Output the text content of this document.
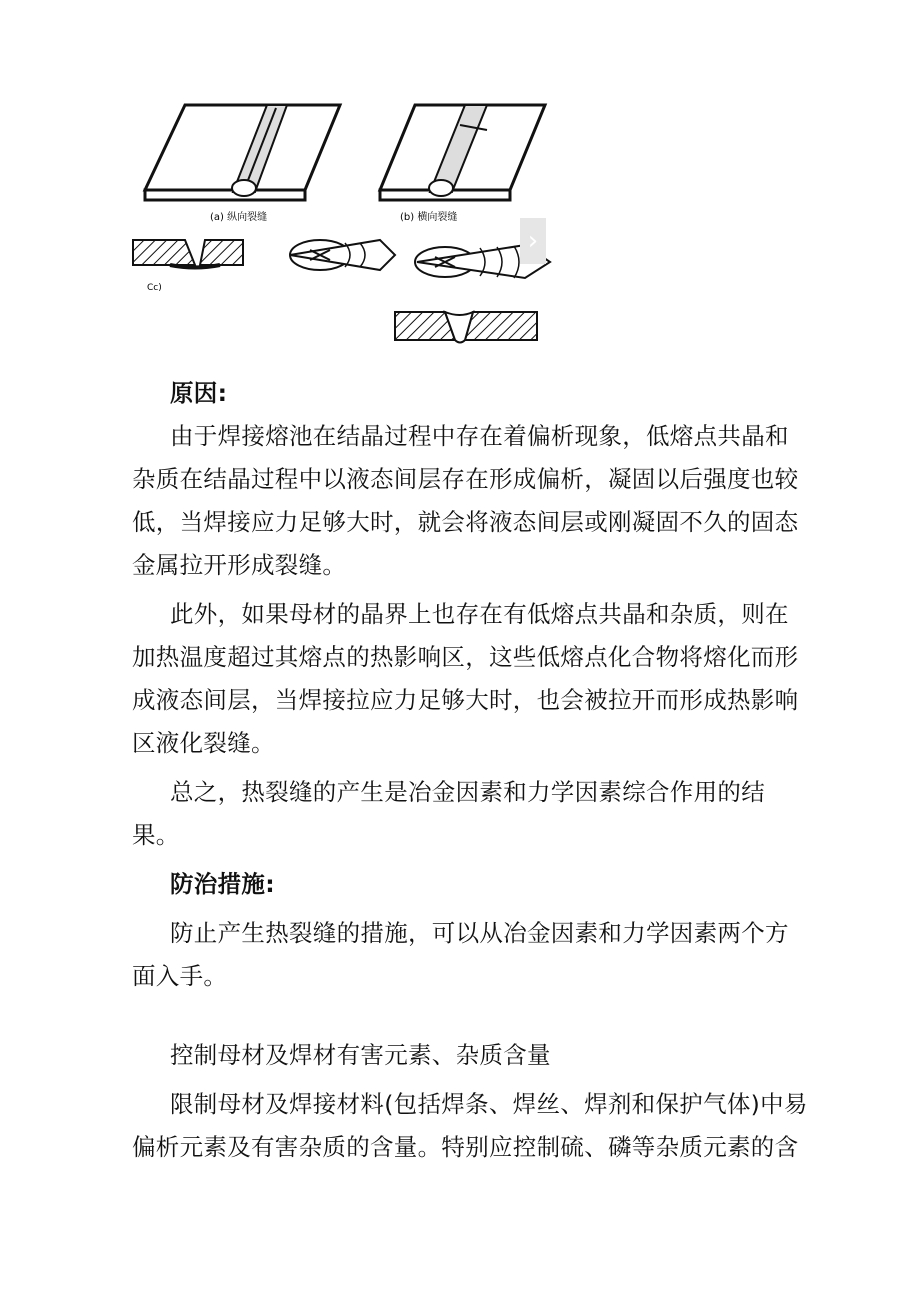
(a) 纵向裂缝	(b) 横向裂缝
Cc)
›

原因:

由于焊接熔池在结晶过程中存在着偏析现象，低熔点共晶和杂质在结晶过程中以液态间层存在形成偏析，凝固以后强度也较低，当焊接应力足够大时，就会将液态间层或刚凝固不久的固态金属拉开形成裂缝。

此外，如果母材的晶界上也存在有低熔点共晶和杂质，则在加热温度超过其熔点的热影响区，这些低熔点化合物将熔化而形成液态间层，当焊接拉应力足够大时，也会被拉开而形成热影响区液化裂缝。

总之，热裂缝的产生是冶金因素和力学因素综合作用的结果。

防治措施:

防止产生热裂缝的措施，可以从冶金因素和力学因素两个方面入手。

控制母材及焊材有害元素、杂质含量

限制母材及焊接材料(包括焊条、焊丝、焊剂和保护气体)中易偏析元素及有害杂质的含量。特别应控制硫、磷等杂质元素的含
